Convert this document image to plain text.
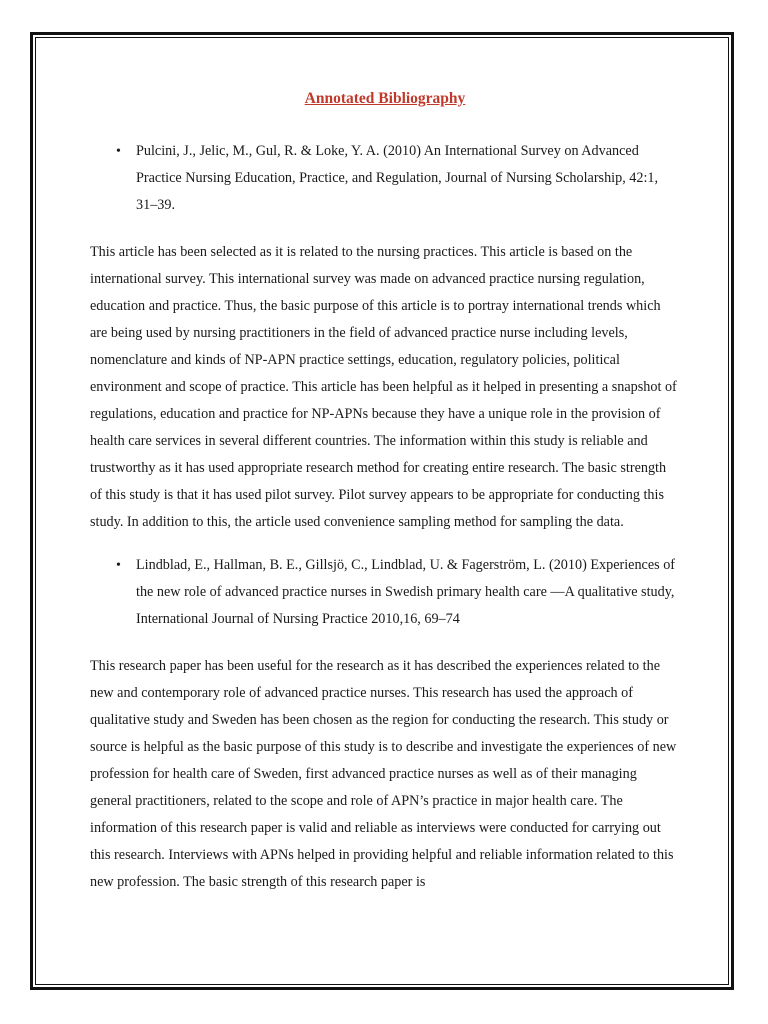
Annotated Bibliography
• Pulcini, J., Jelic, M., Gul, R. & Loke, Y. A. (2010) An International Survey on Advanced Practice Nursing Education, Practice, and Regulation, Journal of Nursing Scholarship, 42:1, 31–39.

This article has been selected as it is related to the nursing practices. This article is based on the international survey. This international survey was made on advanced practice nursing regulation, education and practice. Thus, the basic purpose of this article is to portray international trends which are being used by nursing practitioners in the field of advanced practice nurse including levels, nomenclature and kinds of NP-APN practice settings, education, regulatory policies, political environment and scope of practice. This article has been helpful as it helped in presenting a snapshot of regulations, education and practice for NP-APNs because they have a unique role in the provision of health care services in several different countries. The information within this study is reliable and trustworthy as it has used appropriate research method for creating entire research. The basic strength of this study is that it has used pilot survey. Pilot survey appears to be appropriate for conducting this study. In addition to this, the article used convenience sampling method for sampling the data.

• Lindblad, E., Hallman, B. E., Gillsjö, C., Lindblad, U. & Fagerström, L. (2010) Experiences of the new role of advanced practice nurses in Swedish primary health care —A qualitative study, International Journal of Nursing Practice 2010,16, 69–74

This research paper has been useful for the research as it has described the experiences related to the new and contemporary role of advanced practice nurses. This research has used the approach of qualitative study and Sweden has been chosen as the region for conducting the research. This study or source is helpful as the basic purpose of this study is to describe and investigate the experiences of new profession for health care of Sweden, first advanced practice nurses as well as of their managing general practitioners, related to the scope and role of APN’s practice in major health care. The information of this research paper is valid and reliable as interviews were conducted for carrying out this research. Interviews with APNs helped in providing helpful and reliable information related to this new profession. The basic strength of this research paper is
